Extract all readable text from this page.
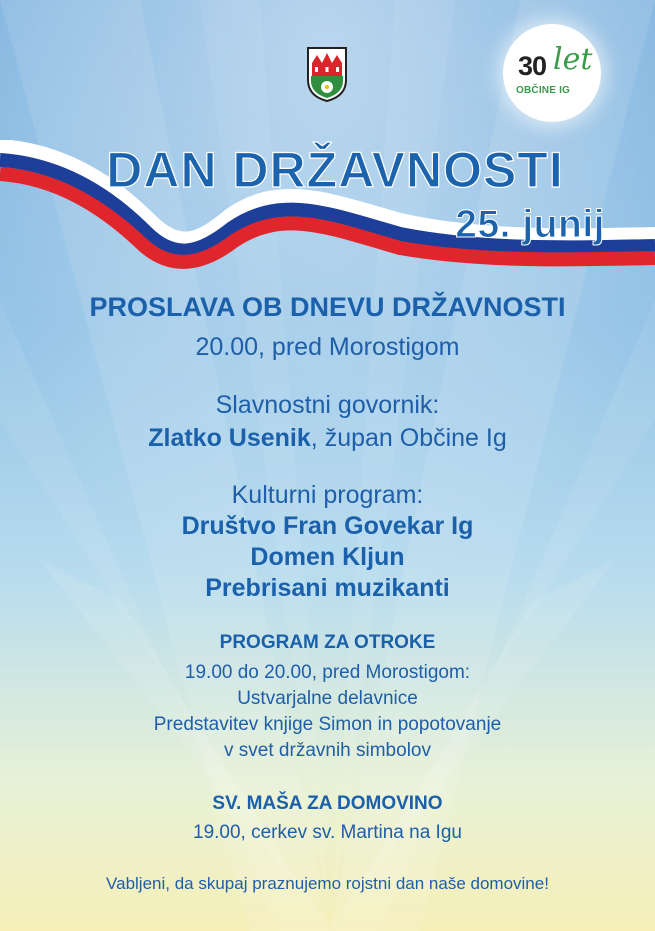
30 let
OBČINE IG
DAN DRŽAVNOSTI
25. junij
PROSLAVA OB DNEVU DRŽAVNOSTI
20.00, pred Morostigom
Slavnostni govornik:
Zlatko Usenik, župan Občine Ig
Kulturni program:
Društvo Fran Govekar Ig
Domen Kljun
Prebrisani muzikanti
PROGRAM ZA OTROKE
19.00 do 20.00, pred Morostigom:
Ustvarjalne delavnice
Predstavitev knjige Simon in popotovanje
v svet državnih simbolov
SV. MAŠA ZA DOMOVINO
19.00, cerkev sv. Martina na Igu
Vabljeni, da skupaj praznujemo rojstni dan naše domovine!
